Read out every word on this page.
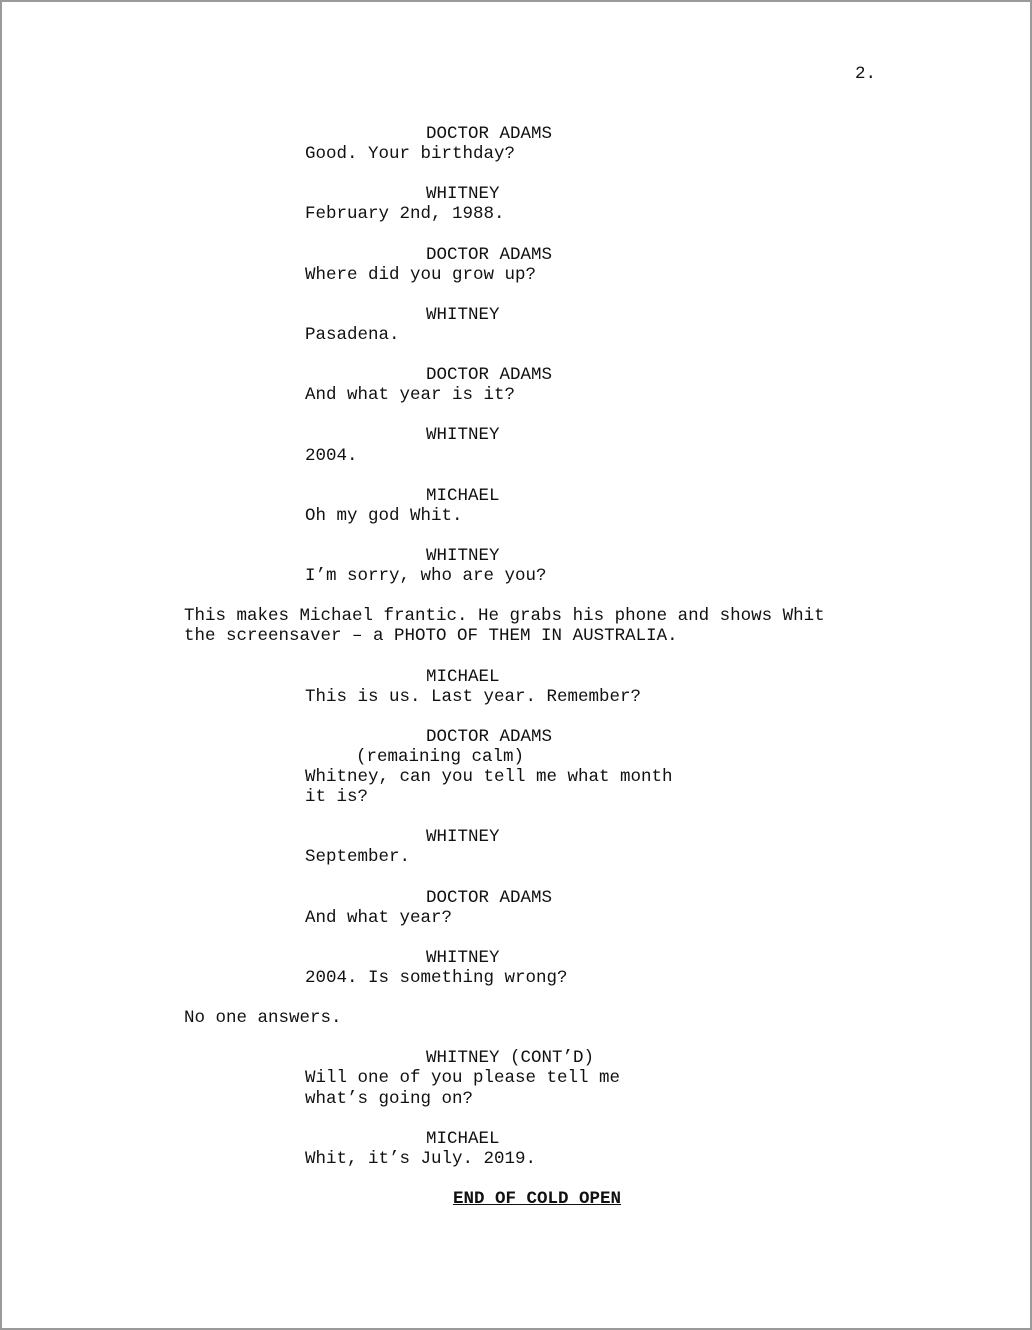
2.
DOCTOR ADAMS
Good. Your birthday?
WHITNEY
February 2nd, 1988.
DOCTOR ADAMS
Where did you grow up?
WHITNEY
Pasadena.
DOCTOR ADAMS
And what year is it?
WHITNEY
2004.
MICHAEL
Oh my god Whit.
WHITNEY
I’m sorry, who are you?
This makes Michael frantic. He grabs his phone and shows Whit
the screensaver – a PHOTO OF THEM IN AUSTRALIA.
MICHAEL
This is us. Last year. Remember?
DOCTOR ADAMS
(remaining calm)
Whitney, can you tell me what month
it is?
WHITNEY
September.
DOCTOR ADAMS
And what year?
WHITNEY
2004. Is something wrong?
No one answers.
WHITNEY (CONT’D)
Will one of you please tell me
what’s going on?
MICHAEL
Whit, it’s July. 2019.
END OF COLD OPEN
